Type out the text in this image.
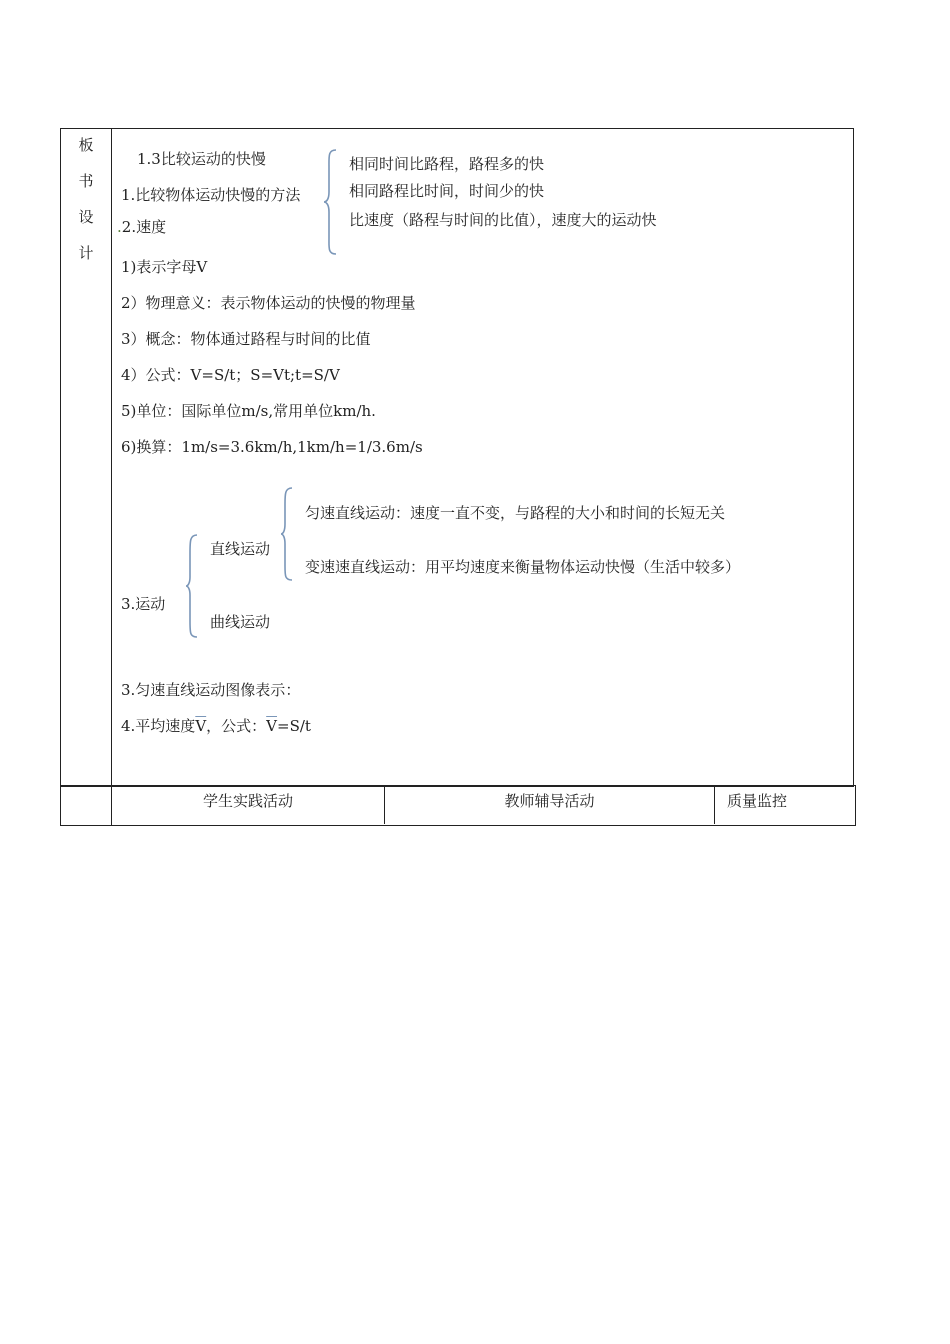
板
书
设
计
1.3比较运动的快慢
1.比较物体运动快慢的方法
.2.速度
相同时间比路程，路程多的快
相同路程比时间，时间少的快
比速度（路程与时间的比值），速度大的运动快
1)表示字母V
2）物理意义：表示物体运动的快慢的物理量
3）概念：物体通过路程与时间的比值
4）公式：V=S/t；S=Vt;t=S/V
5)单位：国际单位m/s,常用单位km/h.
6)换算：1m/s=3.6km/h,1km/h=1/3.6m/s
匀速直线运动：速度一直不变，与路程的大小和时间的长短无关
直线运动
变速速直线运动：用平均速度来衡量物体运动快慢（生活中较多）
3.运动
曲线运动
3.匀速直线运动图像表示：
4.平均速度$\overline{V}$，公式：$\overline{V}=S/t$
学生实践活动	教师辅导活动	质量监控
